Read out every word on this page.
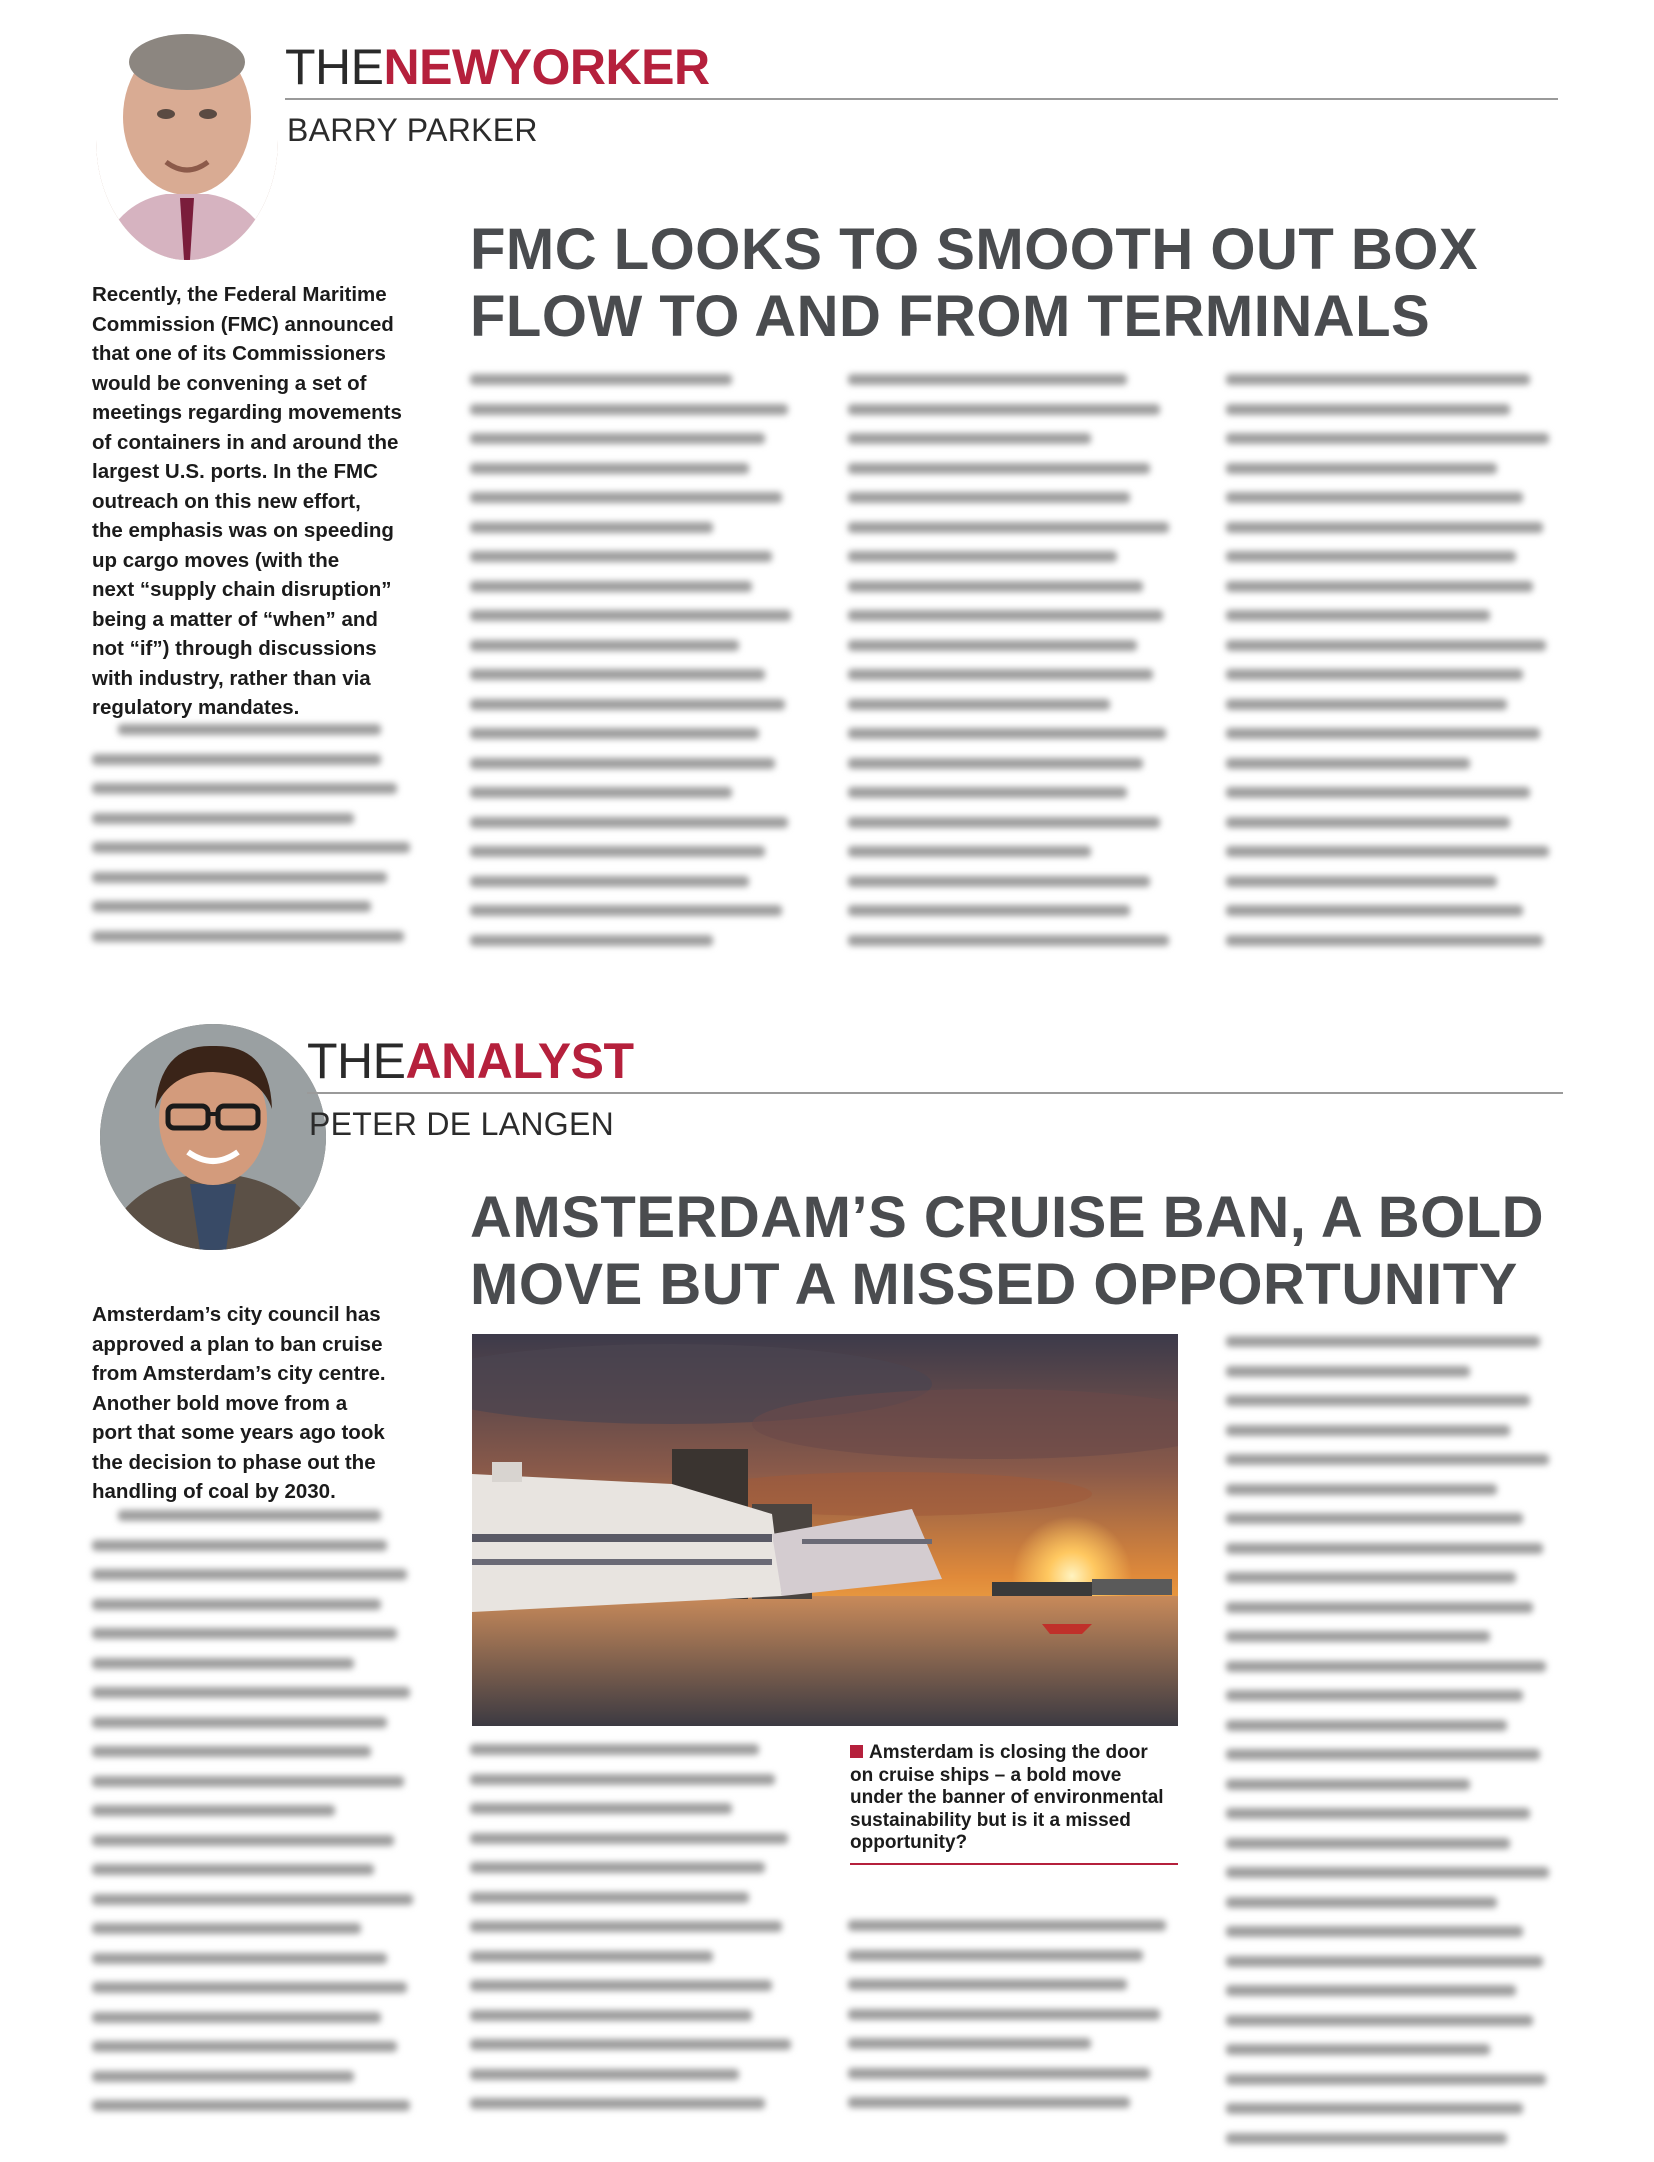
THENEWYORKER
BARRY PARKER
FMC LOOKS TO SMOOTH OUT BOX
FLOW TO AND FROM TERMINALS
Recently, the Federal Maritime
Commission (FMC) announced
that one of its Commissioners
would be convening a set of
meetings regarding movements
of containers in and around the
largest U.S. ports. In the FMC
outreach on this new effort,
the emphasis was on speeding
up cargo moves (with the
next “supply chain disruption”
being a matter of “when” and
not “if”) through discussions
with industry, rather than via
regulatory mandates.
THEANALYST
PETER DE LANGEN
AMSTERDAM’S CRUISE BAN, A BOLD
MOVE BUT A MISSED OPPORTUNITY
Amsterdam’s city council has
approved a plan to ban cruise
from Amsterdam’s city centre.
Another bold move from a
port that some years ago took
the decision to phase out the
handling of coal by 2030.
Amsterdam is closing the door
on cruise ships – a bold move
under the banner of environmental
sustainability but is it a missed
opportunity?
